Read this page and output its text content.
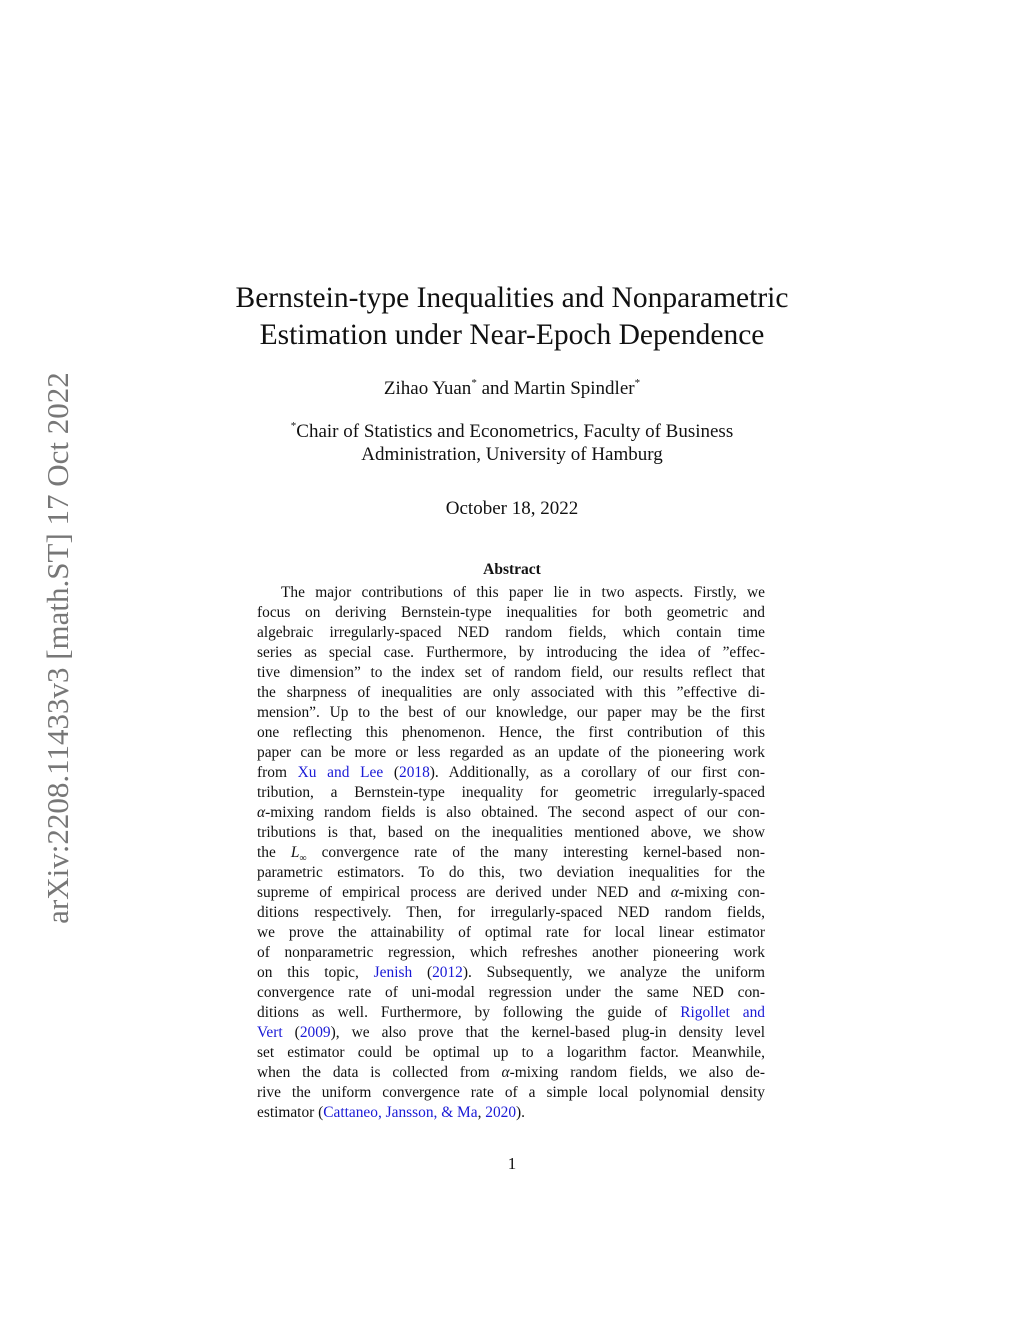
arXiv:2208.11433v3 [math.ST] 17 Oct 2022
Bernstein-type Inequalities and Nonparametric
Estimation under Near-Epoch Dependence
Zihao Yuan* and Martin Spindler*
*Chair of Statistics and Econometrics, Faculty of Business
Administration, University of Hamburg
October 18, 2022
Abstract
The major contributions of this paper lie in two aspects. Firstly, we
focus on deriving Bernstein-type inequalities for both geometric and
algebraic irregularly-spaced NED random fields, which contain time
series as special case. Furthermore, by introducing the idea of ”effec-
tive dimension” to the index set of random field, our results reflect that
the sharpness of inequalities are only associated with this ”effective di-
mension”. Up to the best of our knowledge, our paper may be the first
one reflecting this phenomenon. Hence, the first contribution of this
paper can be more or less regarded as an update of the pioneering work
from Xu and Lee (2018). Additionally, as a corollary of our first con-
tribution, a Bernstein-type inequality for geometric irregularly-spaced
α-mixing random fields is also obtained. The second aspect of our con-
tributions is that, based on the inequalities mentioned above, we show
the $L_\infty$ convergence rate of the many interesting kernel-based non-
parametric estimators. To do this, two deviation inequalities for the
supreme of empirical process are derived under NED and α-mixing con-
ditions respectively. Then, for irregularly-spaced NED random fields,
we prove the attainability of optimal rate for local linear estimator
of nonparametric regression, which refreshes another pioneering work
on this topic, Jenish (2012). Subsequently, we analyze the uniform
convergence rate of uni-modal regression under the same NED con-
ditions as well. Furthermore, by following the guide of Rigollet and
Vert (2009), we also prove that the kernel-based plug-in density level
set estimator could be optimal up to a logarithm factor. Meanwhile,
when the data is collected from α-mixing random fields, we also de-
rive the uniform convergence rate of a simple local polynomial density
estimator (Cattaneo, Jansson, & Ma, 2020).
1
